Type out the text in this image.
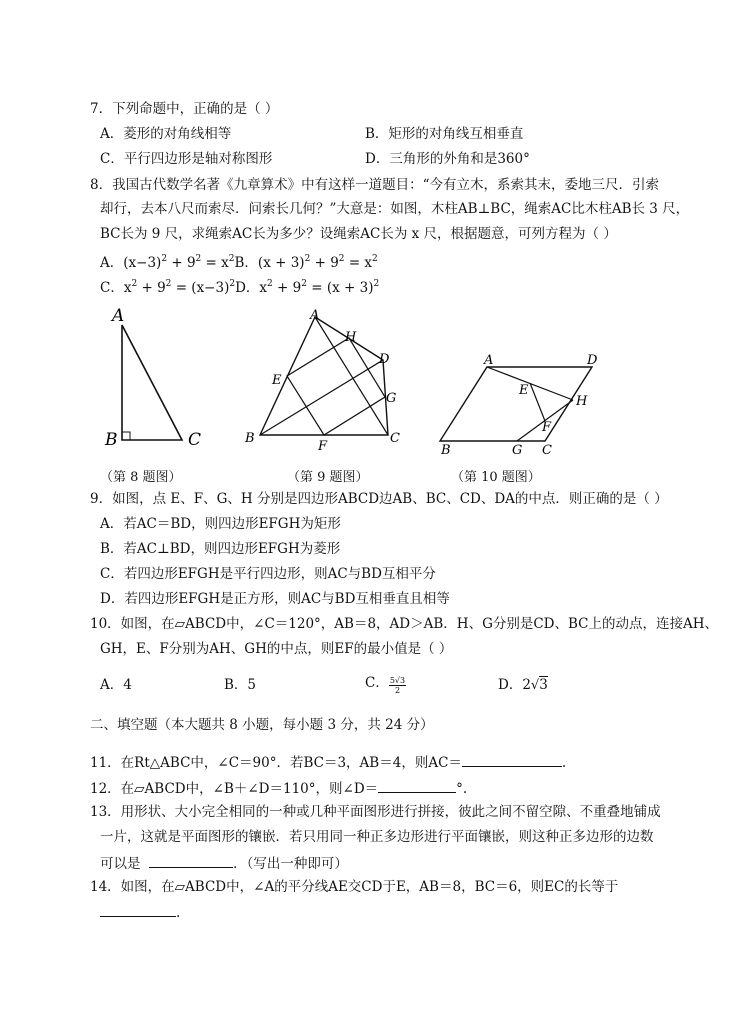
7．下列命题中，正确的是（ ）
A．菱形的对角线相等	B．矩形的对角线互相垂直
C．平行四边形是轴对称图形	D．三角形的外角和是360°
8．我国古代数学名著《九章算术》中有这样一道题目：“今有立木，系索其末，委地三尺．引索
却行，去本八尺而索尽．问索长几何？”大意是：如图，木柱AB⊥BC，绳索AC比木柱AB长 3 尺，
BC长为 9 尺，求绳索AC长为多少？设绳索AC长为 x 尺，根据题意，可列方程为（ ）
A．$(x-3)^2 + 9^2 = x^2B$．$(x + 3)^2 + 9^2 = x^2$
C．$x^2 + 9^2 = (x-3)^2D$．$x^2 + 9^2 = (x + 3)^2$
A
B	C
A
H
D
E
G
B
F
C
A	D
E
H
F
B	G C
（第 8 题图）	（第 9 题图）	（第 10 题图）
9．如图，点 E、F、G、H 分别是四边形ABCD边AB、BC、CD、DA的中点．则正确的是（ ）
A．若AC＝BD，则四边形EFGH为矩形
B．若AC⊥BD，则四边形EFGH为菱形
C．若四边形EFGH是平行四边形，则AC与BD互相平分
D．若四边形EFGH是正方形，则AC与BD互相垂直且相等
10．如图，在▱ABCD中，∠C＝120°，AB＝8，AD＞AB．H、G分别是CD、BC上的动点，连接AH、
GH，E、F分别为AH、GH的中点，则EF的最小值是（ ）
A．4	B．5	C． $\frac{5√3}{2}$	D．2√3
二、填空题（本大题共 8 小题，每小题 3 分，共 24 分）
11．在Rt△ABC中，∠C＝90°．若BC＝3，AB＝4，则AC＝	.
12．在▱ABCD中，∠B＋∠D＝110°，则∠D＝	°.
13．用形状、大小完全相同的一种或几种平面图形进行拼接，彼此之间不留空隙、不重叠地铺成
一片，这就是平面图形的镶嵌．若只用同一种正多边形进行平面镶嵌，则这种正多边形的边数
可以是	．（写出一种即可）
14．如图，在▱ABCD中，∠A的平分线AE交CD于E，AB＝8，BC＝6，则EC的长等于
.
